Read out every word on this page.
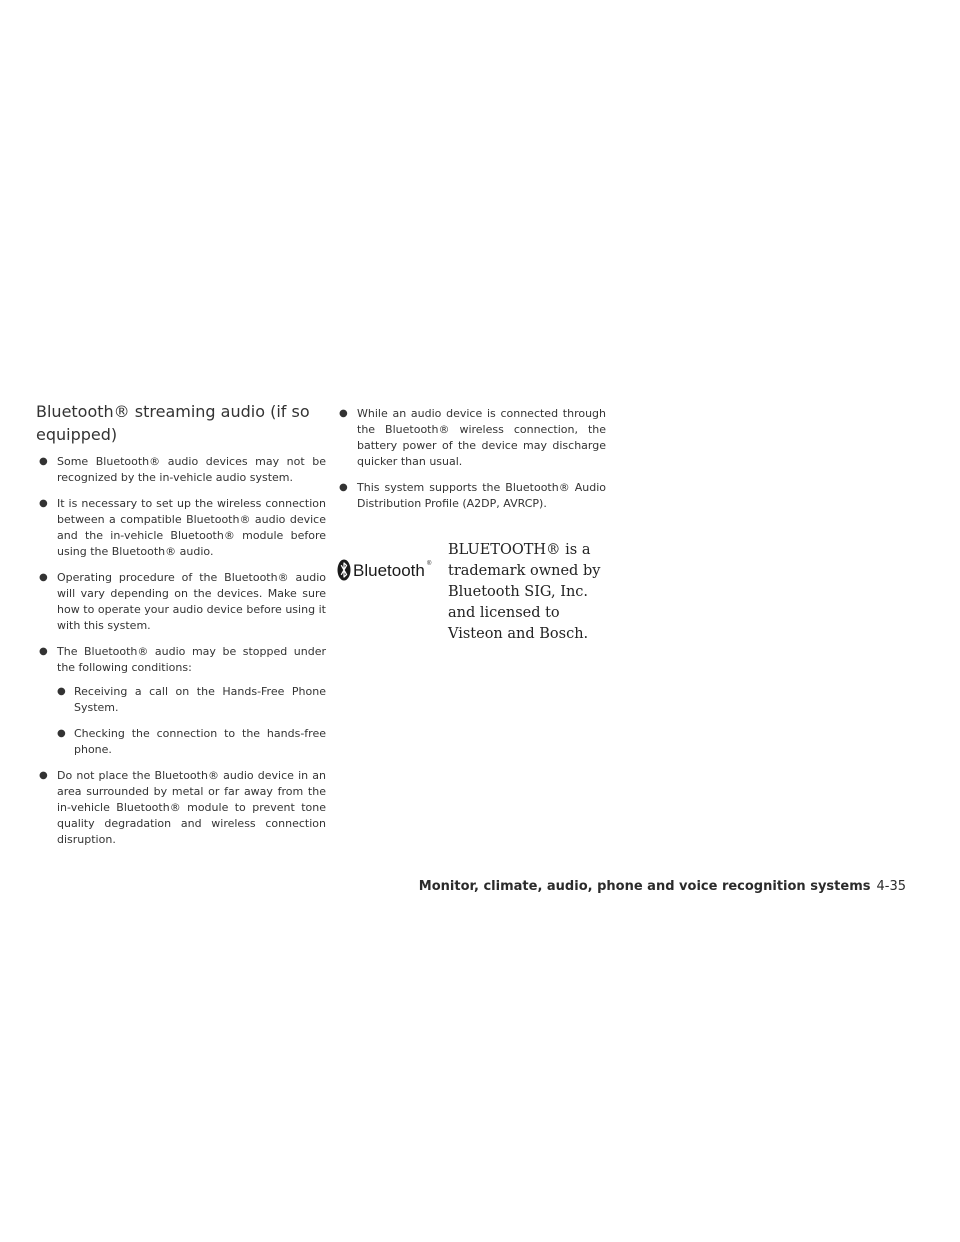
Bluetooth® streaming audio (if so equipped)
● Some Bluetooth® audio devices may not be recognized by the in-vehicle audio system.
● It is necessary to set up the wireless connection between a compatible Bluetooth® audio device and the in-vehicle Bluetooth® module before using the Bluetooth® audio.
● Operating procedure of the Bluetooth® audio will vary depending on the devices. Make sure how to operate your audio device before using it with this system.
● The Bluetooth® audio may be stopped under the following conditions:
● Receiving a call on the Hands-Free Phone System.
● Checking the connection to the hands-free phone.
● Do not place the Bluetooth® audio device in an area surrounded by metal or far away from the in-vehicle Bluetooth® module to prevent tone quality degradation and wireless connection disruption.
● While an audio device is connected through the Bluetooth® wireless connection, the battery power of the device may discharge quicker than usual.
● This system supports the Bluetooth® Audio Distribution Profile (A2DP, AVRCP).
Bluetooth ®
BLUETOOTH® is a
trademark owned by
Bluetooth SIG, Inc.
and licensed to
Visteon and Bosch.
Monitor, climate, audio, phone and voice recognition systems 4-35
